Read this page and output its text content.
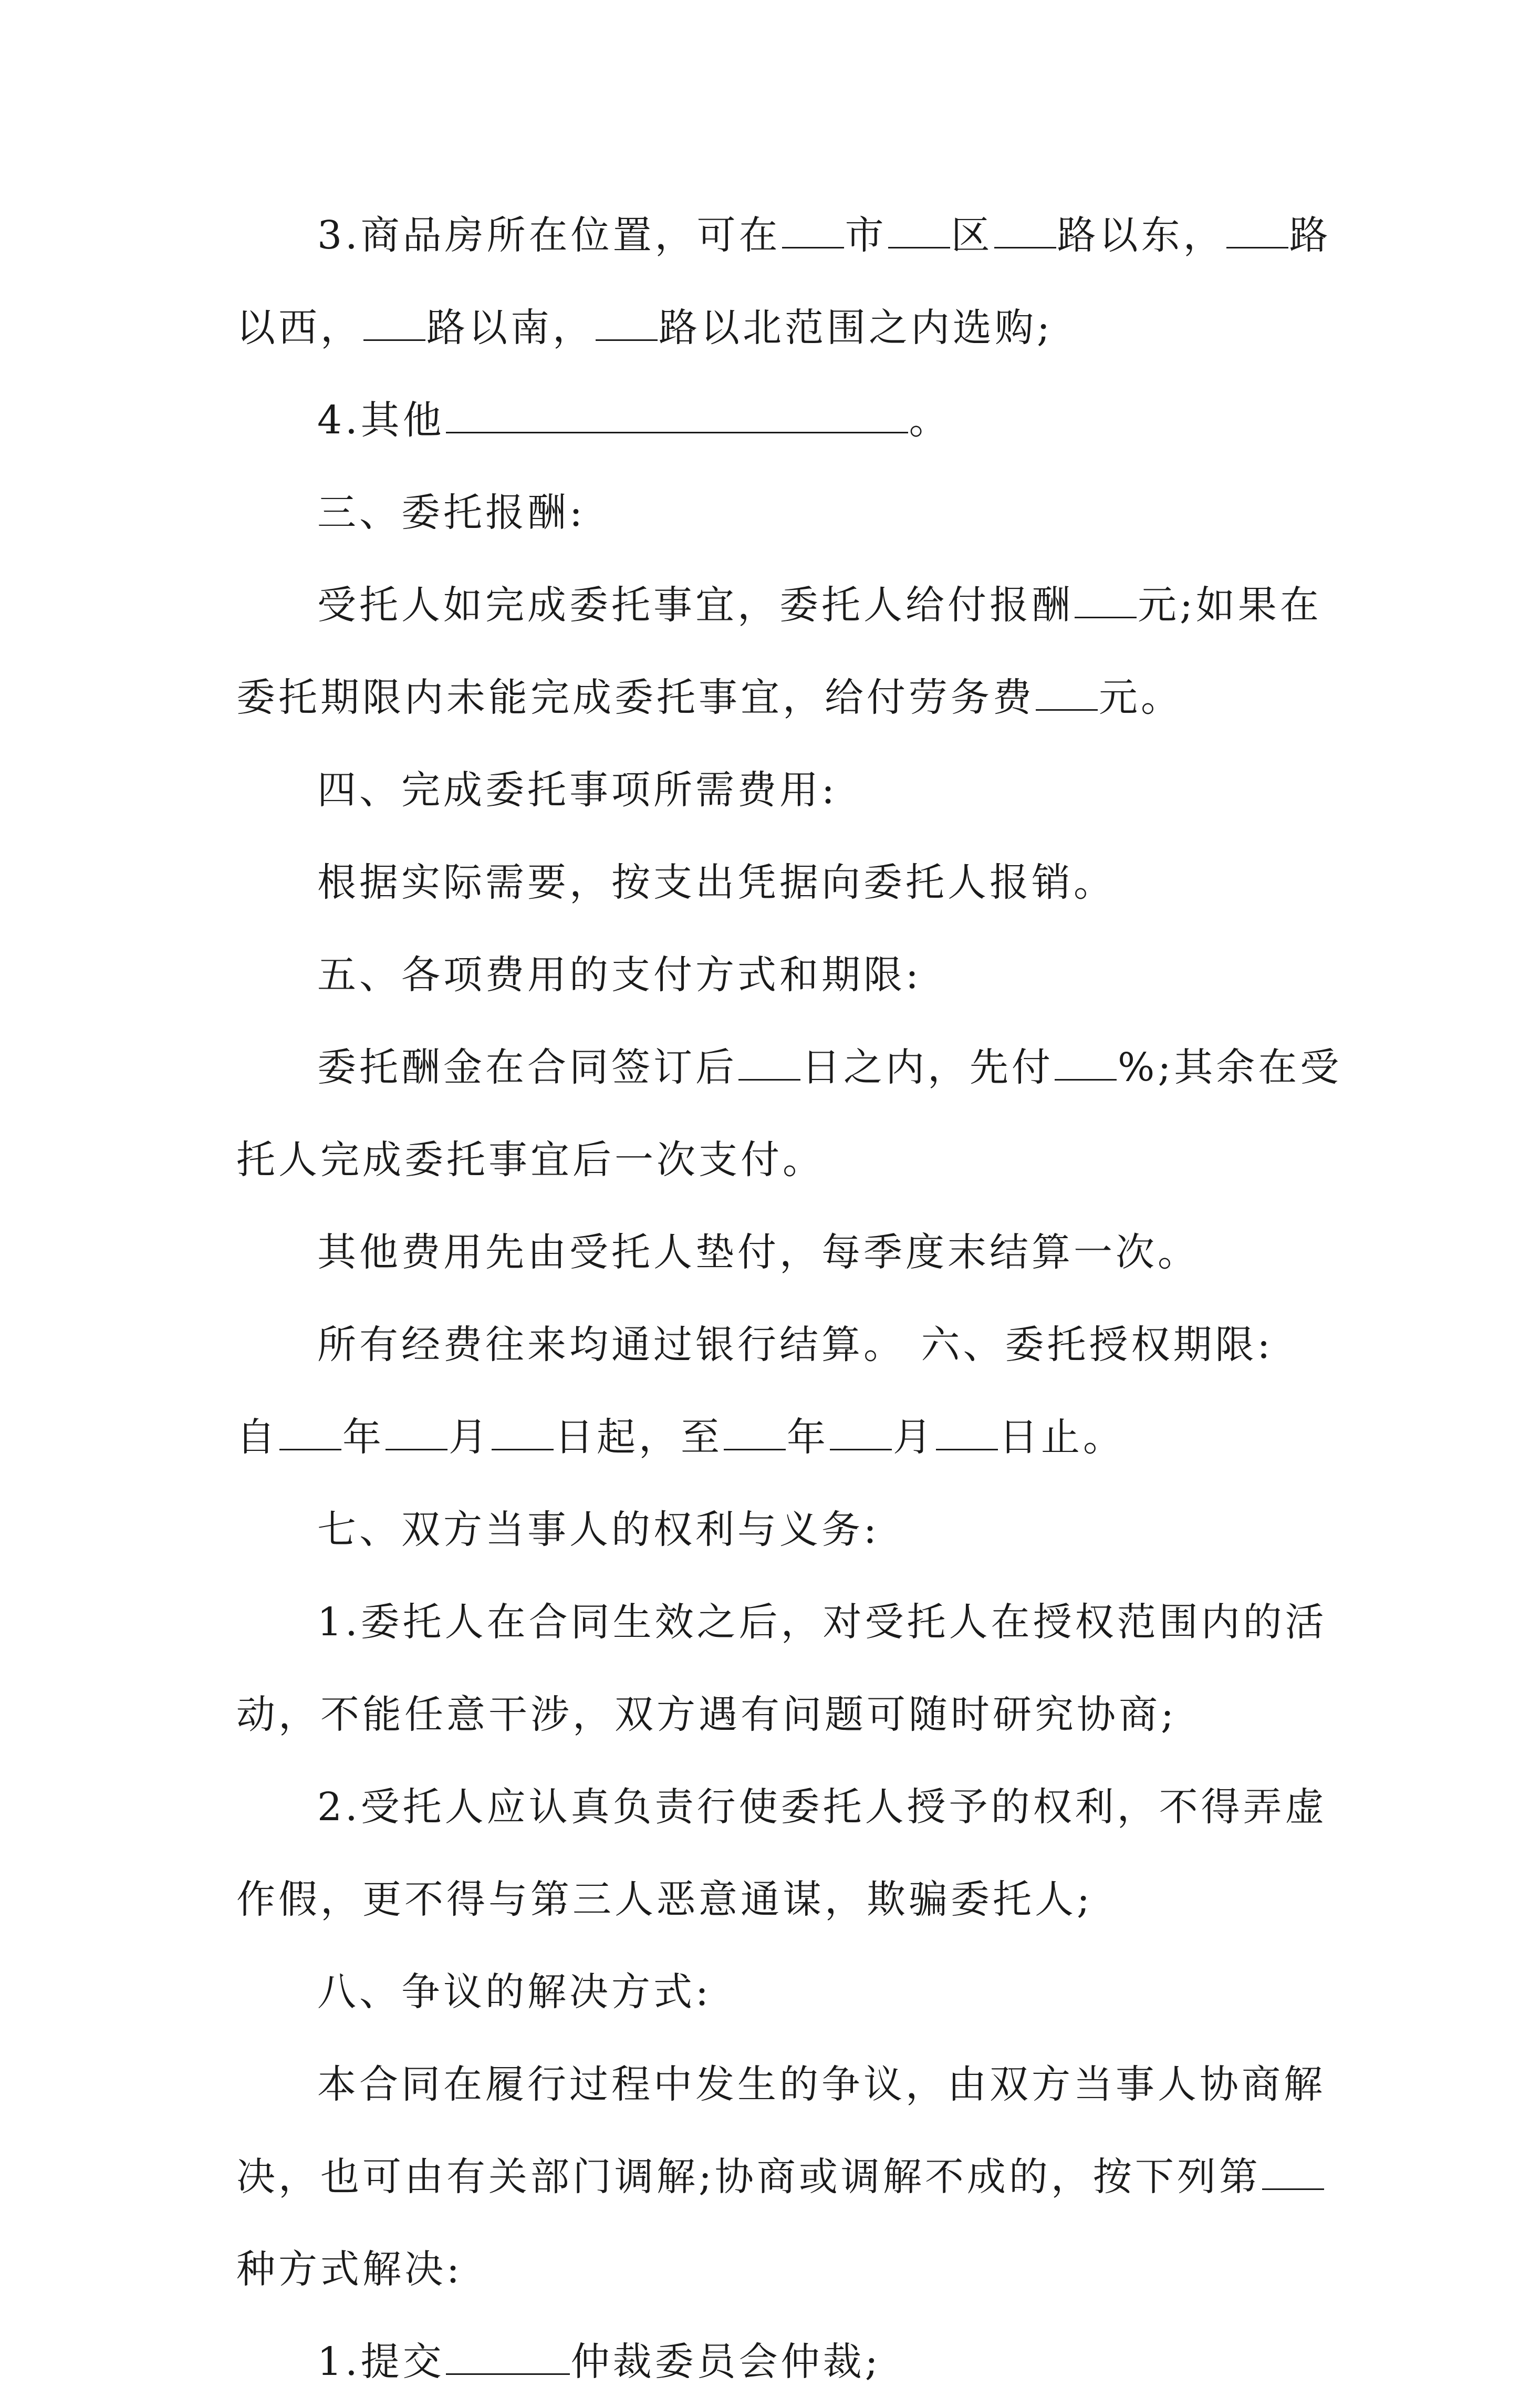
3.商品房所在位置，可在 市 区 路以东， 路
以西， 路以南， 路以北范围之内选购;
4.其他	。
三、委托报酬:
受托人如完成委托事宜，委托人给付报酬 元;如果在
委托期限内未能完成委托事宜，给付劳务费 元。
四、完成委托事项所需费用:
根据实际需要，按支出凭据向委托人报销。
五、各项费用的支付方式和期限:
委托酬金在合同签订后 日之内，先付 %;其余在受
托人完成委托事宜后一次支付。
其他费用先由受托人垫付，每季度末结算一次。
所有经费往来均通过银行结算。 六、委托授权期限:
自 年 月 日起，至 年 月 日止。
七、双方当事人的权利与义务:
1.委托人在合同生效之后，对受托人在授权范围内的活
动，不能任意干涉，双方遇有问题可随时研究协商;
2.受托人应认真负责行使委托人授予的权利，不得弄虚
作假，更不得与第三人恶意通谋，欺骗委托人;
八、争议的解决方式:
本合同在履行过程中发生的争议，由双方当事人协商解
决，也可由有关部门调解;协商或调解不成的，按下列第
种方式解决:
1.提交	仲裁委员会仲裁;
